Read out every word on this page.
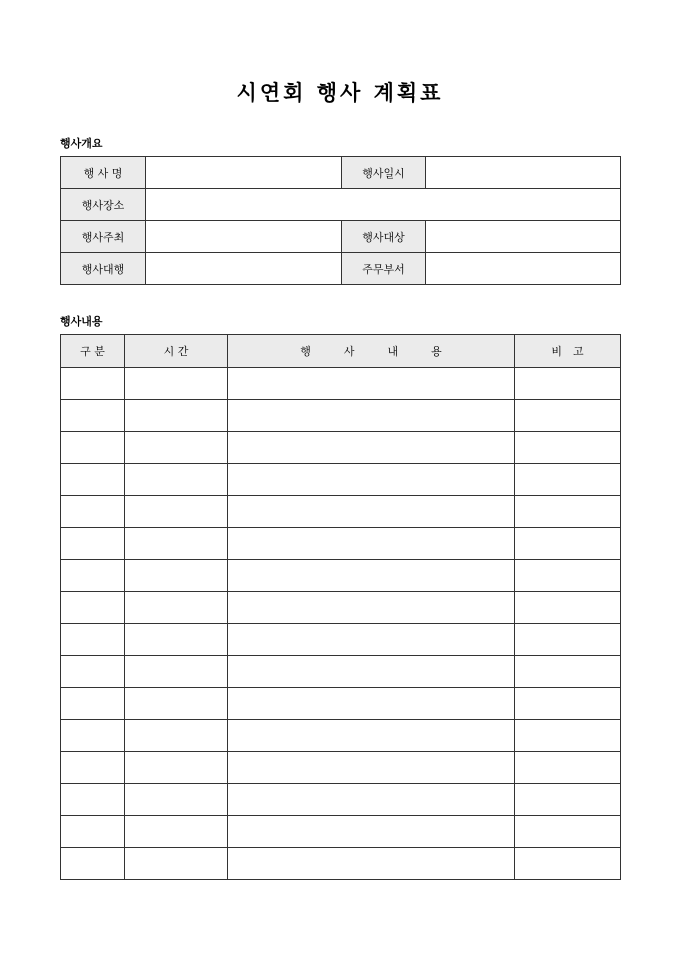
시연회 행사 계획표
행사개요
행 사 명		행사일시	
행사장소			
행사주최		행사대상	
행사대행		주무부서	
행사내용
구 분	시 간	행　　　사　　　내　　　용	비　고
